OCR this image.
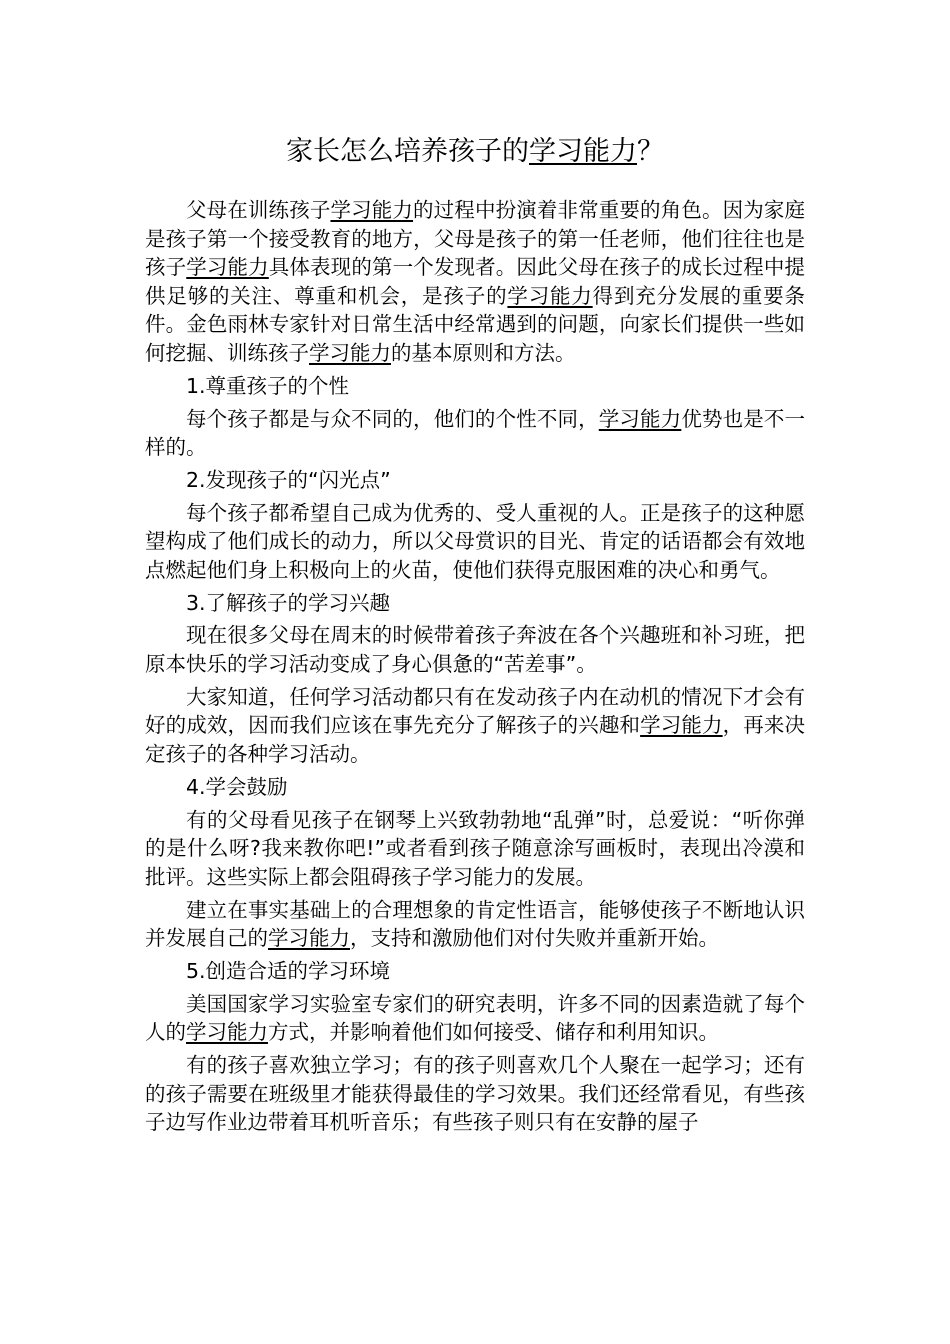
家长怎么培养孩子的学习能力？

父母在训练孩子学习能力的过程中扮演着非常重要的角色。因为家庭是孩子第一个接受教育的地方，父母是孩子的第一任老师，他们往往也是孩子学习能力具体表现的第一个发现者。因此父母在孩子的成长过程中提供足够的关注、尊重和机会，是孩子的学习能力得到充分发展的重要条件。金色雨林专家针对日常生活中经常遇到的问题，向家长们提供一些如何挖掘、训练孩子学习能力的基本原则和方法。

1.尊重孩子的个性

每个孩子都是与众不同的，他们的个性不同，学习能力优势也是不一样的。

2.发现孩子的“闪光点”

每个孩子都希望自己成为优秀的、受人重视的人。正是孩子的这种愿望构成了他们成长的动力，所以父母赏识的目光、肯定的话语都会有效地点燃起他们身上积极向上的火苗，使他们获得克服困难的决心和勇气。

3.了解孩子的学习兴趣

现在很多父母在周末的时候带着孩子奔波在各个兴趣班和补习班，把原本快乐的学习活动变成了身心俱惫的“苦差事”。

大家知道，任何学习活动都只有在发动孩子内在动机的情况下才会有好的成效，因而我们应该在事先充分了解孩子的兴趣和学习能力，再来决定孩子的各种学习活动。

4.学会鼓励

有的父母看见孩子在钢琴上兴致勃勃地“乱弹”时，总爱说：“听你弹的是什么呀?我来教你吧!”或者看到孩子随意涂写画板时，表现出冷漠和批评。这些实际上都会阻碍孩子学习能力的发展。

建立在事实基础上的合理想象的肯定性语言，能够使孩子不断地认识并发展自己的学习能力，支持和激励他们对付失败并重新开始。

5.创造合适的学习环境

美国国家学习实验室专家们的研究表明，许多不同的因素造就了每个人的学习能力方式，并影响着他们如何接受、储存和利用知识。

有的孩子喜欢独立学习；有的孩子则喜欢几个人聚在一起学习；还有的孩子需要在班级里才能获得最佳的学习效果。我们还经常看见，有些孩子边写作业边带着耳机听音乐；有些孩子则只有在安静的屋子
